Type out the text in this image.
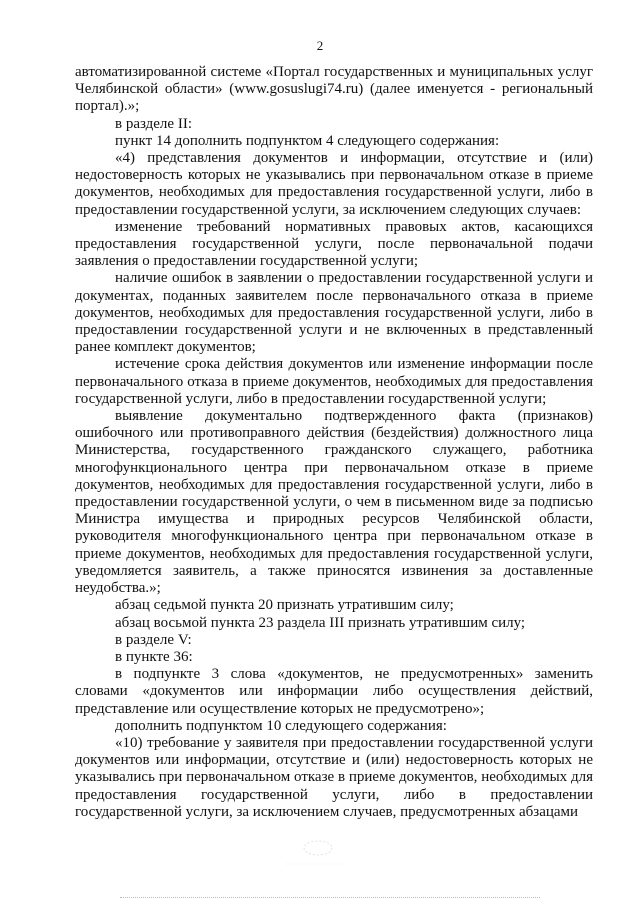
2

автоматизированной системе «Портал государственных и муниципальных услуг Челябинской области» (www.gosuslugi74.ru) (далее именуется - региональный портал).»;

в разделе II:

пункт 14 дополнить подпунктом 4 следующего содержания:

«4) представления документов и информации, отсутствие и (или) недостоверность которых не указывались при первоначальном отказе в приеме документов, необходимых для предоставления государственной услуги, либо в предоставлении государственной услуги, за исключением следующих случаев:

изменение требований нормативных правовых актов, касающихся предоставления государственной услуги, после первоначальной подачи заявления о предоставлении государственной услуги;

наличие ошибок в заявлении о предоставлении государственной услуги и документах, поданных заявителем после первоначального отказа в приеме документов, необходимых для предоставления государственной услуги, либо в предоставлении государственной услуги и не включенных в представленный ранее комплект документов;

истечение срока действия документов или изменение информации после первоначального отказа в приеме документов, необходимых для предоставления государственной услуги, либо в предоставлении государственной услуги;

выявление документально подтвержденного факта (признаков) ошибочного или противоправного действия (бездействия) должностного лица Министерства, государственного гражданского служащего, работника многофункционального центра при первоначальном отказе в приеме документов, необходимых для предоставления государственной услуги, либо в предоставлении государственной услуги, о чем в письменном виде за подписью Министра имущества и природных ресурсов Челябинской области, руководителя многофункционального центра при первоначальном отказе в приеме документов, необходимых для предоставления государственной услуги, уведомляется заявитель, а также приносятся извинения за доставленные неудобства.»;

абзац седьмой пункта 20 признать утратившим силу;

абзац восьмой пункта 23 раздела III признать утратившим силу;

в разделе V:

в пункте 36:

в подпункте 3 слова «документов, не предусмотренных» заменить словами «документов или информации либо осуществления действий, представление или осуществление которых не предусмотрено»;

дополнить подпунктом 10 следующего содержания:

«10) требование у заявителя при предоставлении государственной услуги документов или информации, отсутствие и (или) недостоверность которых не указывались при первоначальном отказе в приеме документов, необходимых для предоставления государственной услуги, либо в предоставлении государственной услуги, за исключением случаев, предусмотренных абзацами
